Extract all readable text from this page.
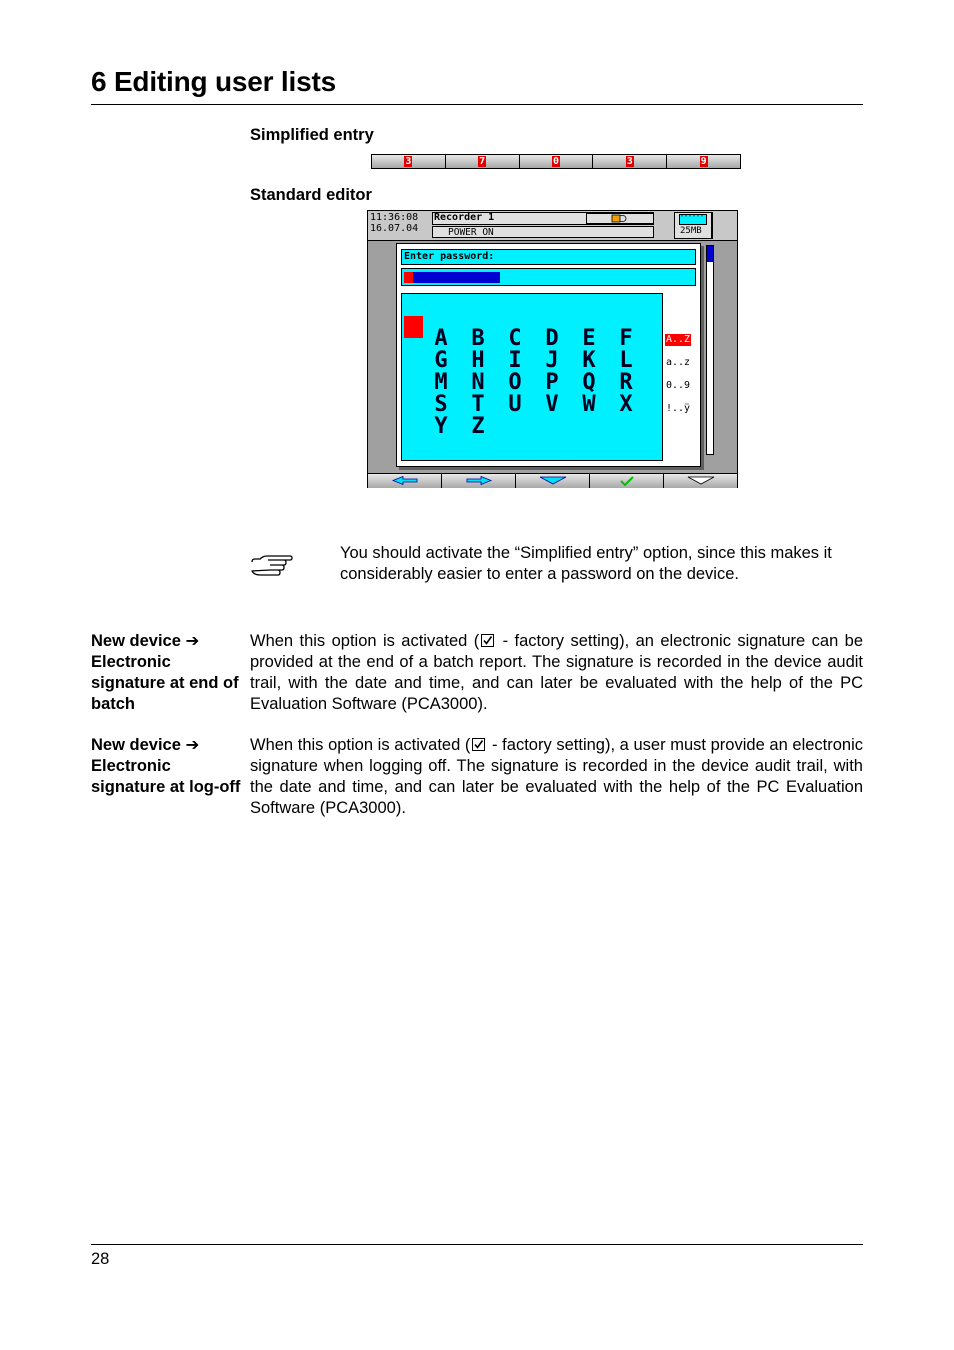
6 Editing user lists
Simplified entry
3	7	0	3	9
Standard editor
11:36:08
16.07.04
Recorder 1
POWER ON	25MB
Enter password:
A	B	C	D	E	F
G	H	I	J	K	L
M	N	O	P	Q	R
S	T	U	V	W	X
Y	Z
A..Z
a..z
0..9
!..ÿ
You should activate the “Simplified entry” option, since this makes it considerably easier to enter a password on the device.
New device ➔ Electronic signature at end of batch
When this option is activated (
- factory setting), an electronic signature can be provided at the end of a batch report. The signature is recorded in the device audit trail, with the date and time, and can later be evaluated with the help of the PC Evaluation Software (PCA3000).
New device ➔ Electronic signature at log-off
When this option is activated (
- factory setting), a user must provide an electronic signature when logging off. The signature is recorded in the device audit trail, with the date and time, and can later be evaluated with the help of the PC Evaluation Software (PCA3000).
28
